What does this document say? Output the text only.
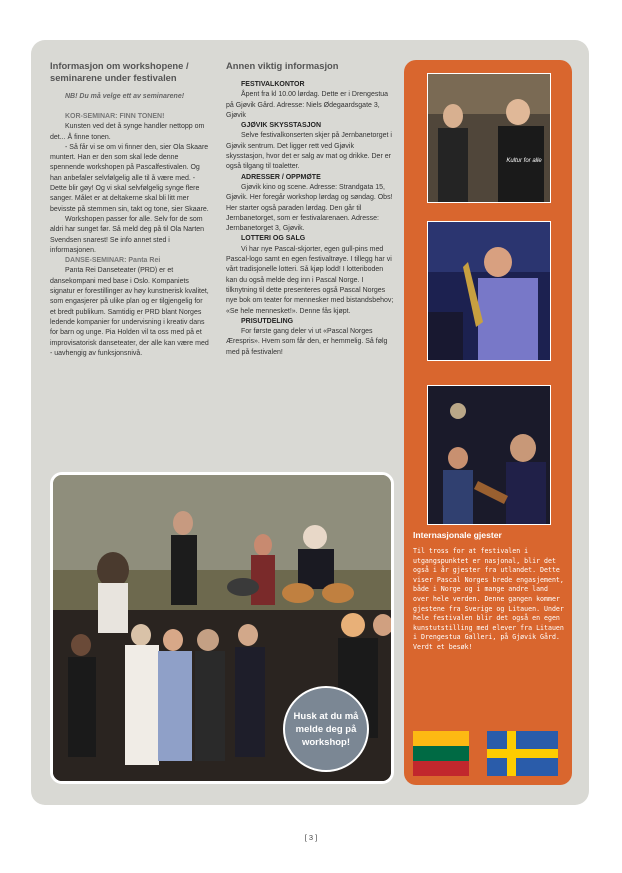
Informasjon om workshopene / seminarene under festivalen
NB! Du må velge ett av seminarene!
KOR-SEMINAR: FINN TONEN!

Kunsten ved det å synge handler nettopp om det... Å finne tonen.

- Så får vi se om vi finner den, sier Ola Skaare muntert. Han er den som skal lede denne spennende workshopen på Pascalfestivalen. Og han anbefaler selvfølgelig alle til å være med. - Dette blir gøy! Og vi skal selvfølgelig synge flere sanger. Målet er at deltakerne skal bli litt mer bevisste på stemmen sin, takt og tone, sier Skaare.

Workshopen passer for alle. Selv for de som aldri har sunget før. Så meld deg på til Ola Narten Svendsen snarest! Se info annet sted i informasjonen.

DANSE-SEMINAR: Panta Rei

Panta Rei Danseteater (PRD) er et dansekompani med base i Oslo. Kompaniets signatur er forestillinger av høy kunstnerisk kvalitet, som engasjerer på ulike plan og er tilgjengelig for et bredt publikum. Samtidig er PRD blant Norges ledende kompanier for undervisning i kreativ dans for barn og unge. Pia Holden vil ta oss med på et improvisatorisk danseteater, der alle kan være med - uavhengig av funksjonsnivå.

Annen viktig informasjon
FESTIVALKONTOR

Åpent fra kl 10.00 lørdag. Dette er i Drengestua på Gjøvik Gård. Adresse: Niels Ødegaardsgate 3, Gjøvik

GJØVIK SKYSSTASJON

Selve festivalkonserten skjer på Jernbanetorget i Gjøvik sentrum. Det ligger rett ved Gjøvik skysstasjon, hvor det er salg av mat og drikke. Der er også tilgang til toaletter.

ADRESSER / OPPMØTE

Gjøvik kino og scene. Adresse: Strandgata 15, Gjøvik. Her foregår workshop lørdag og søndag. Obs! Her starter også paraden lørdag. Den går til Jernbanetorget, som er festivalarenaen. Adresse: Jernbanetorget 3, Gjøvik.

LOTTERI OG SALG

Vi har nye Pascal-skjorter, egen gull-pins med Pascal-logo samt en egen festivaltrøye. I tillegg har vi vårt tradisjonelle lotteri. Så kjøp lodd! I lotteriboden kan du også melde deg inn i Pascal Norge. I tilknytning til dette presenteres også Pascal Norges nye bok om teater for mennesker med bistandsbehov; «Se hele mennesket!». Denne fås kjøpt.

PRISUTDELING

For første gang deler vi ut «Pascal Norges Ærespris». Hvem som får den, er hemmelig. Så følg med på festivalen!

Husk at du må melde deg på workshop!
Kultur for alle
Internasjonale gjester
Til tross for at festivalen i utgangspunktet er nasjonal, blir det også i år gjester fra utlandet. Dette viser Pascal Norges brede engasjement, både i Norge og i mange andre land over hele verden. Denne gangen kommer gjestene fra Sverige og Litauen. Under hele festivalen blir det også en egen kunstutstilling med elever fra Litauen i Drengestua Galleri, på Gjøvik Gård. Verdt et besøk!
[ 3 ]
